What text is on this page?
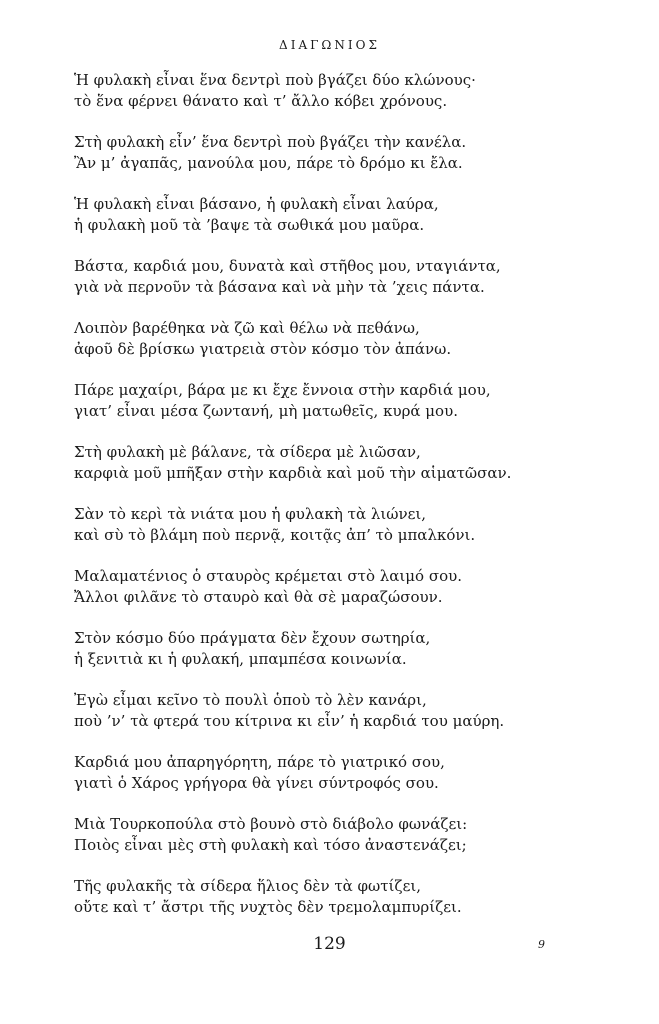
ΔΙΑΓΩΝΙΟΣ
Ἡ φυλακὴ εἶναι ἕνα δεντρὶ ποὺ βγάζει δύο κλώνους·
τὸ ἕνα φέρνει θάνατο καὶ τ’ ἄλλο κόβει χρόνους.
Στὴ φυλακὴ εἶν’ ἕνα δεντρὶ ποὺ βγάζει τὴν κανέλα.
Ἂν μ’ ἀγαπᾶς, μανούλα μου, πάρε τὸ δρόμο κι ἔλα.
Ἡ φυλακὴ εἶναι βάσανο, ἡ φυλακὴ εἶναι λαύρα,
ἡ φυλακὴ μοῦ τὰ ’βαψε τὰ σωθικά μου μαῦρα.
Βάστα, καρδιά μου, δυνατὰ καὶ στῆθος μου, νταγιάντα,
γιὰ νὰ περνοῦν τὰ βάσανα καὶ νὰ μὴν τὰ ’χεις πάντα.
Λοιπὸν βαρέθηκα νὰ ζῶ καὶ θέλω νὰ πεθάνω,
ἀφοῦ δὲ βρίσκω γιατρειὰ στὸν κόσμο τὸν ἀπάνω.
Πάρε μαχαίρι, βάρα με κι ἔχε ἔννοια στὴν καρδιά μου,
γιατ’ εἶναι μέσα ζωντανή, μὴ ματωθεῖς, κυρά μου.
Στὴ φυλακὴ μὲ βάλανε, τὰ σίδερα μὲ λιῶσαν,
καρφιὰ μοῦ μπῆξαν στὴν καρδιὰ καὶ μοῦ τὴν αἱματῶσαν.
Σὰν τὸ κερὶ τὰ νιάτα μου ἡ φυλακὴ τὰ λιώνει,
καὶ σὺ τὸ βλάμη ποὺ περνᾷ, κοιτᾷς ἀπ’ τὸ μπαλκόνι.
Μαλαματένιος ὁ σταυρὸς κρέμεται στὸ λαιμό σου.
Ἄλλοι φιλᾶνε τὸ σταυρὸ καὶ θὰ σὲ μαραζώσουν.
Στὸν κόσμο δύο πράγματα δὲν ἔχουν σωτηρία,
ἡ ξενιτιὰ κι ἡ φυλακή, μπαμπέσα κοινωνία.
Ἐγὼ εἶμαι κεῖνο τὸ πουλὶ ὁποὺ τὸ λὲν κανάρι,
ποὺ ’ν’ τὰ φτερά του κίτρινα κι εἶν’ ἡ καρδιά του μαύρη.
Καρδιά μου ἀπαρηγόρητη, πάρε τὸ γιατρικό σου,
γιατὶ ὁ Χάρος γρήγορα θὰ γίνει σύντροφός σου.
Μιὰ Τουρκοπούλα στὸ βουνὸ στὸ διάβολο φωνάζει:
Ποιὸς εἶναι μὲς στὴ φυλακὴ καὶ τόσο ἀναστενάζει;
Τῆς φυλακῆς τὰ σίδερα ἥλιος δὲν τὰ φωτίζει,
οὔτε καὶ τ’ ἄστρι τῆς νυχτὸς δὲν τρεμολαμπυρίζει.
129	9
